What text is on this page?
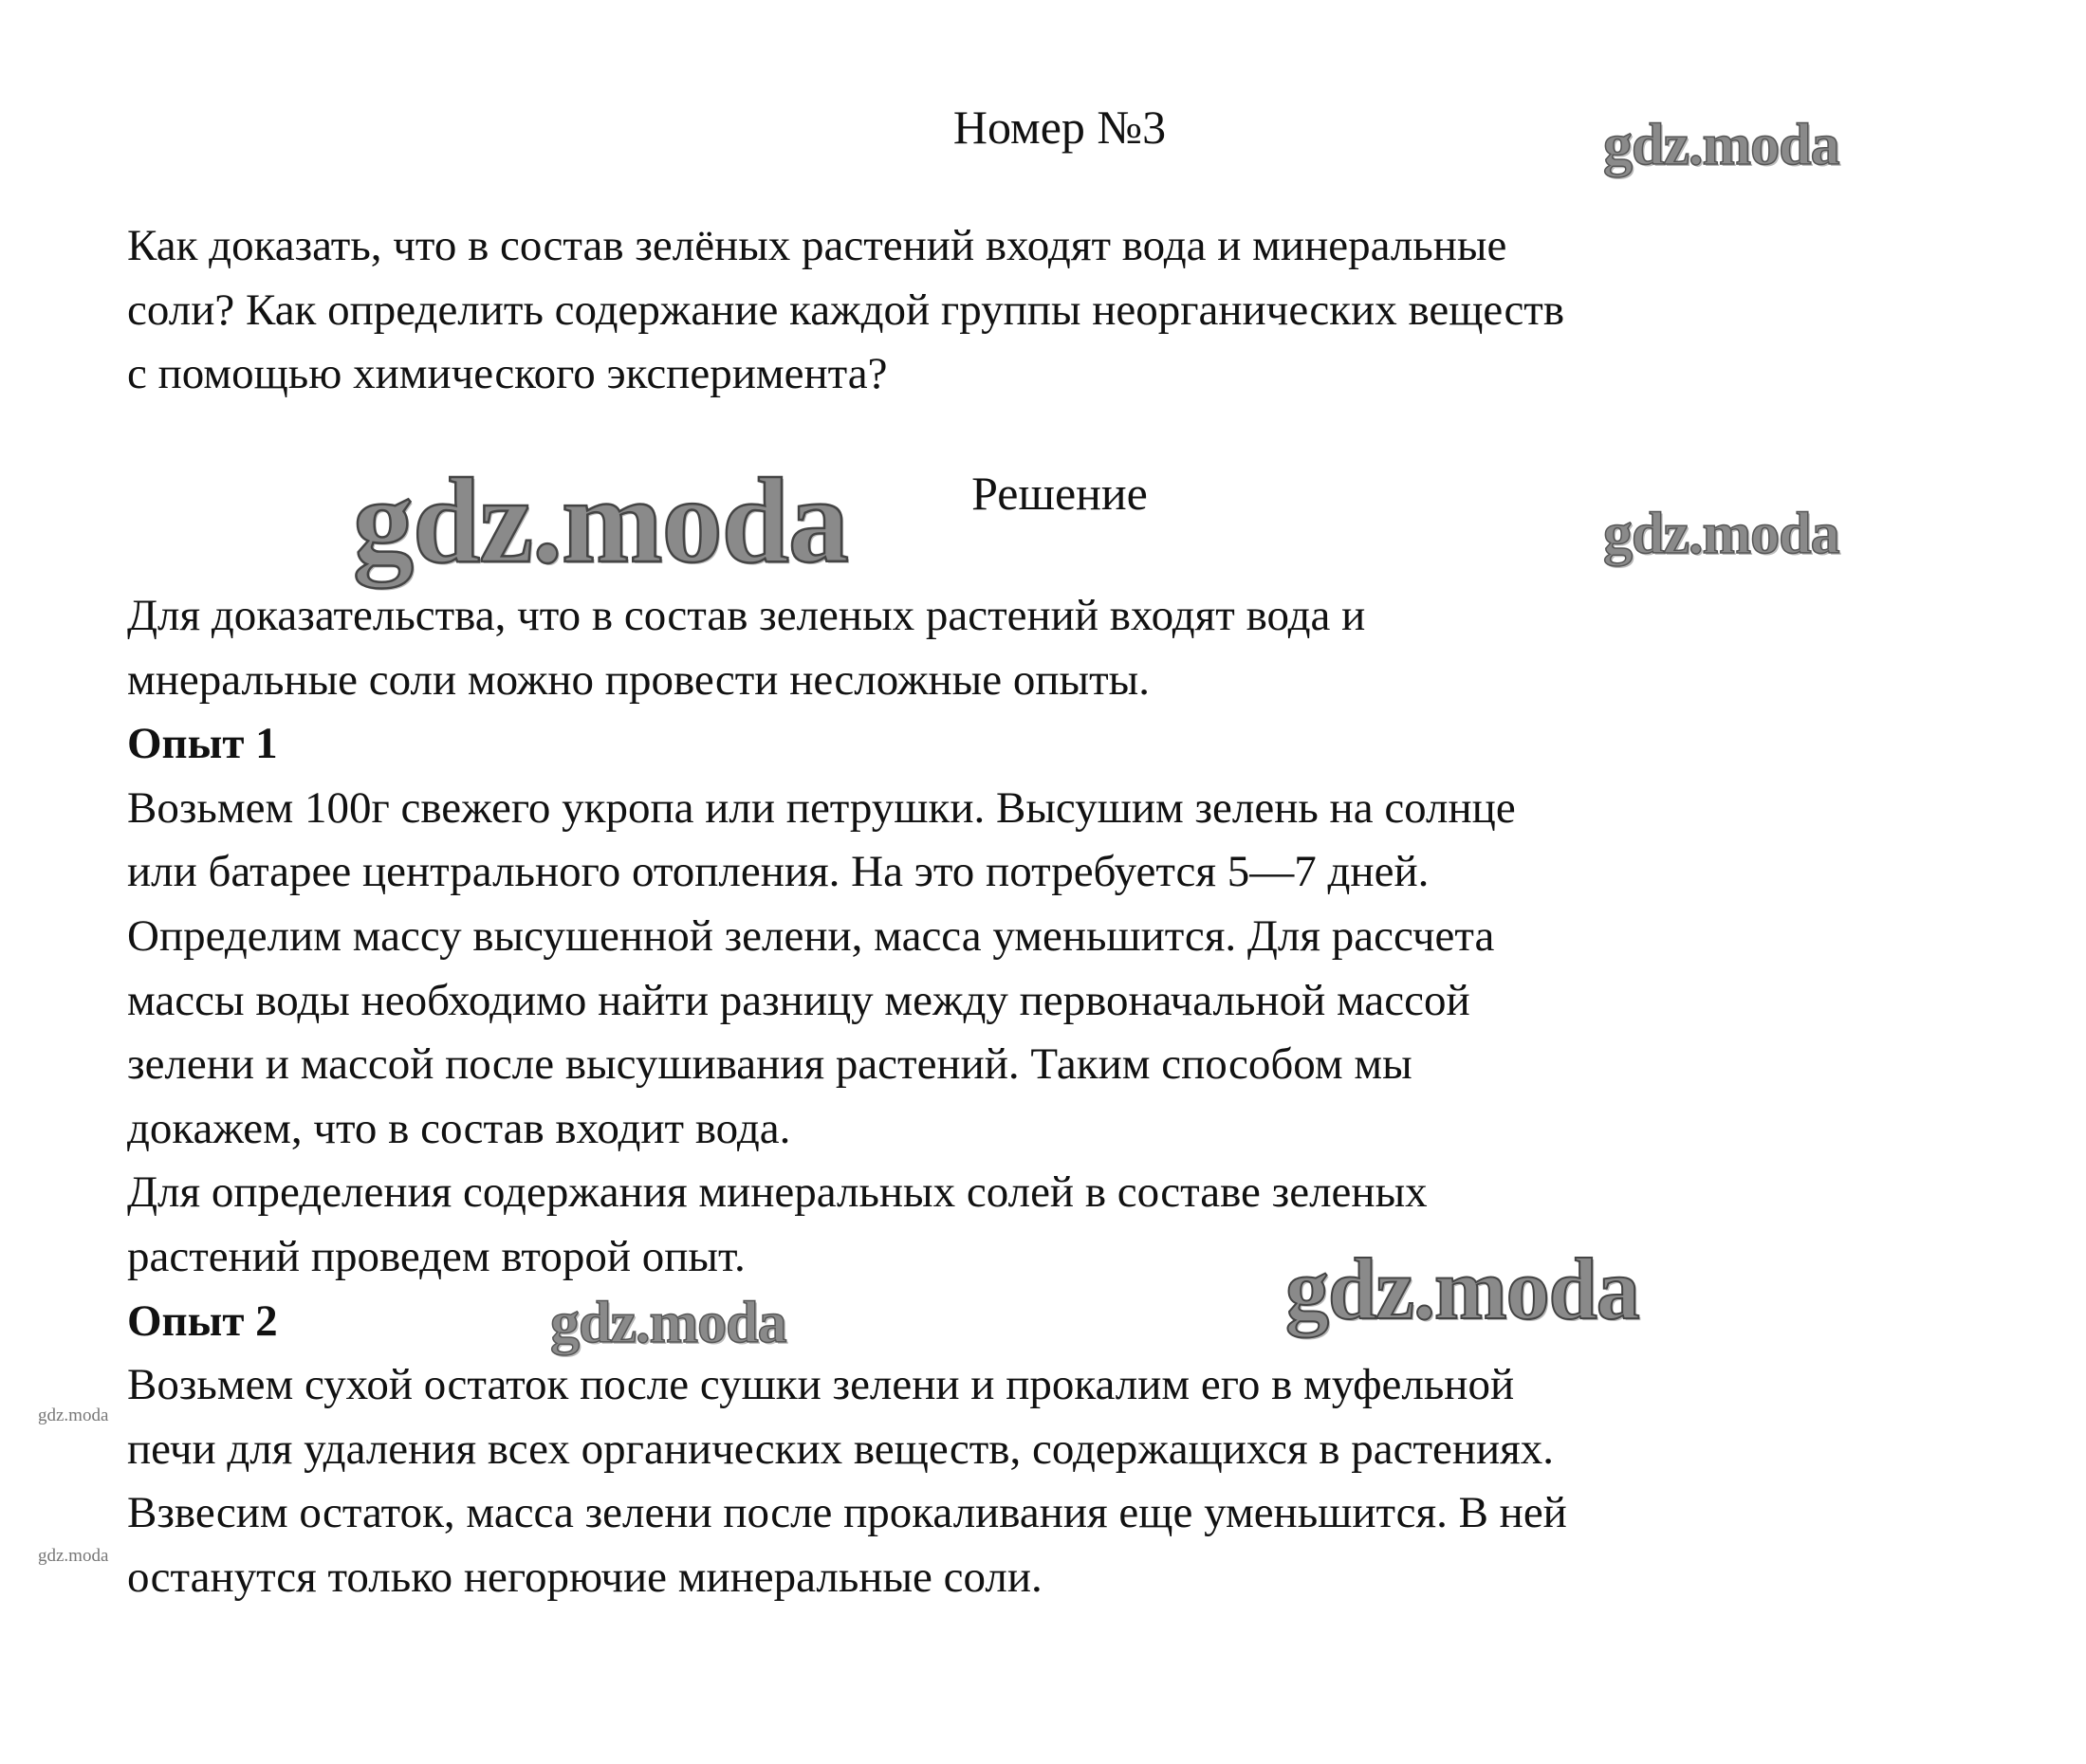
Номер №3
Как доказать, что в состав зелёных растений входят вода и минеральные
соли? Как определить содержание каждой группы неорганических веществ
с помощью химического эксперимента?
Решение
Для доказательства, что в состав зеленых растений входят вода и
мнеральные соли можно провести несложные опыты.
Опыт 1
Возьмем 100г свежего укропа или петрушки. Высушим зелень на солнце
или батарее центрального отопления. На это потребуется 5—7 дней.
Определим массу высушенной зелени, масса уменьшится. Для рассчета
массы воды необходимо найти разницу между первоначальной массой
зелени и массой после высушивания растений. Таким способом мы
докажем, что в состав входит вода.
Для определения содержания минеральных солей в составе зеленых
растений проведем второй опыт.
Опыт 2
Возьмем сухой остаток после сушки зелени и прокалим его в муфельной
печи для удаления всех органических веществ, содержащихся в растениях.
Взвесим остаток, масса зелени после прокаливания еще уменьшится. В ней
останутся только негорючие минеральные соли.
gdz.moda
gdz.moda	gdz.moda
gdz.moda	gdz.moda
gdz.moda
gdz.moda
